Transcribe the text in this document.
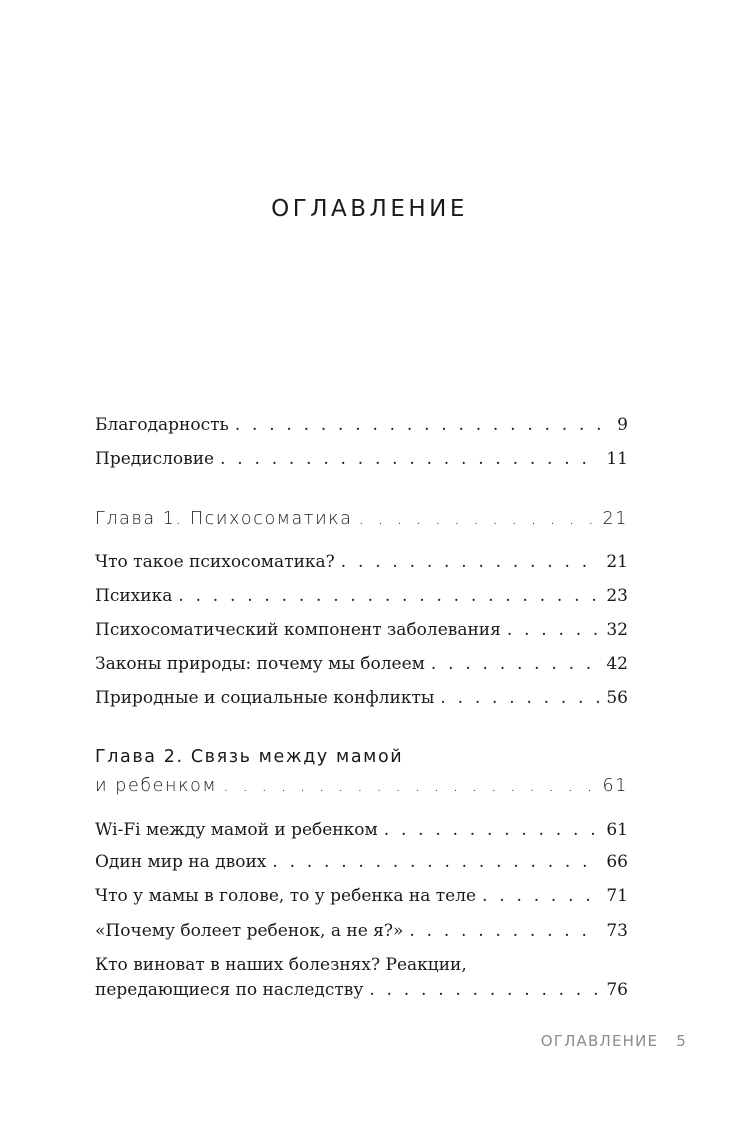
ОГЛАВЛЕНИЕ
Благодарность . . .	9
Предисловие . . .	11
Глава 1. Психосоматика . . .	21
Что такое психосоматика? . . .	21
Психика . . .	23
Психосоматический компонент заболевания . . .	32
Законы природы: почему мы болеем . . .	42
Природные и социальные конфликты . . .	56
Глава 2. Связь между мамой
и ребенком . . .	61
Wi-Fi между мамой и ребенком . . .	61
Один мир на двоих . . .	66
Что у мамы в голове, то у ребенка на теле . . .	71
«Почему болеет ребенок, а не я?» . . .	73
Кто виноват в наших болезнях? Реакции,
передающиеся по наследству . . .	76
ОГЛАВЛЕНИЕ 5
